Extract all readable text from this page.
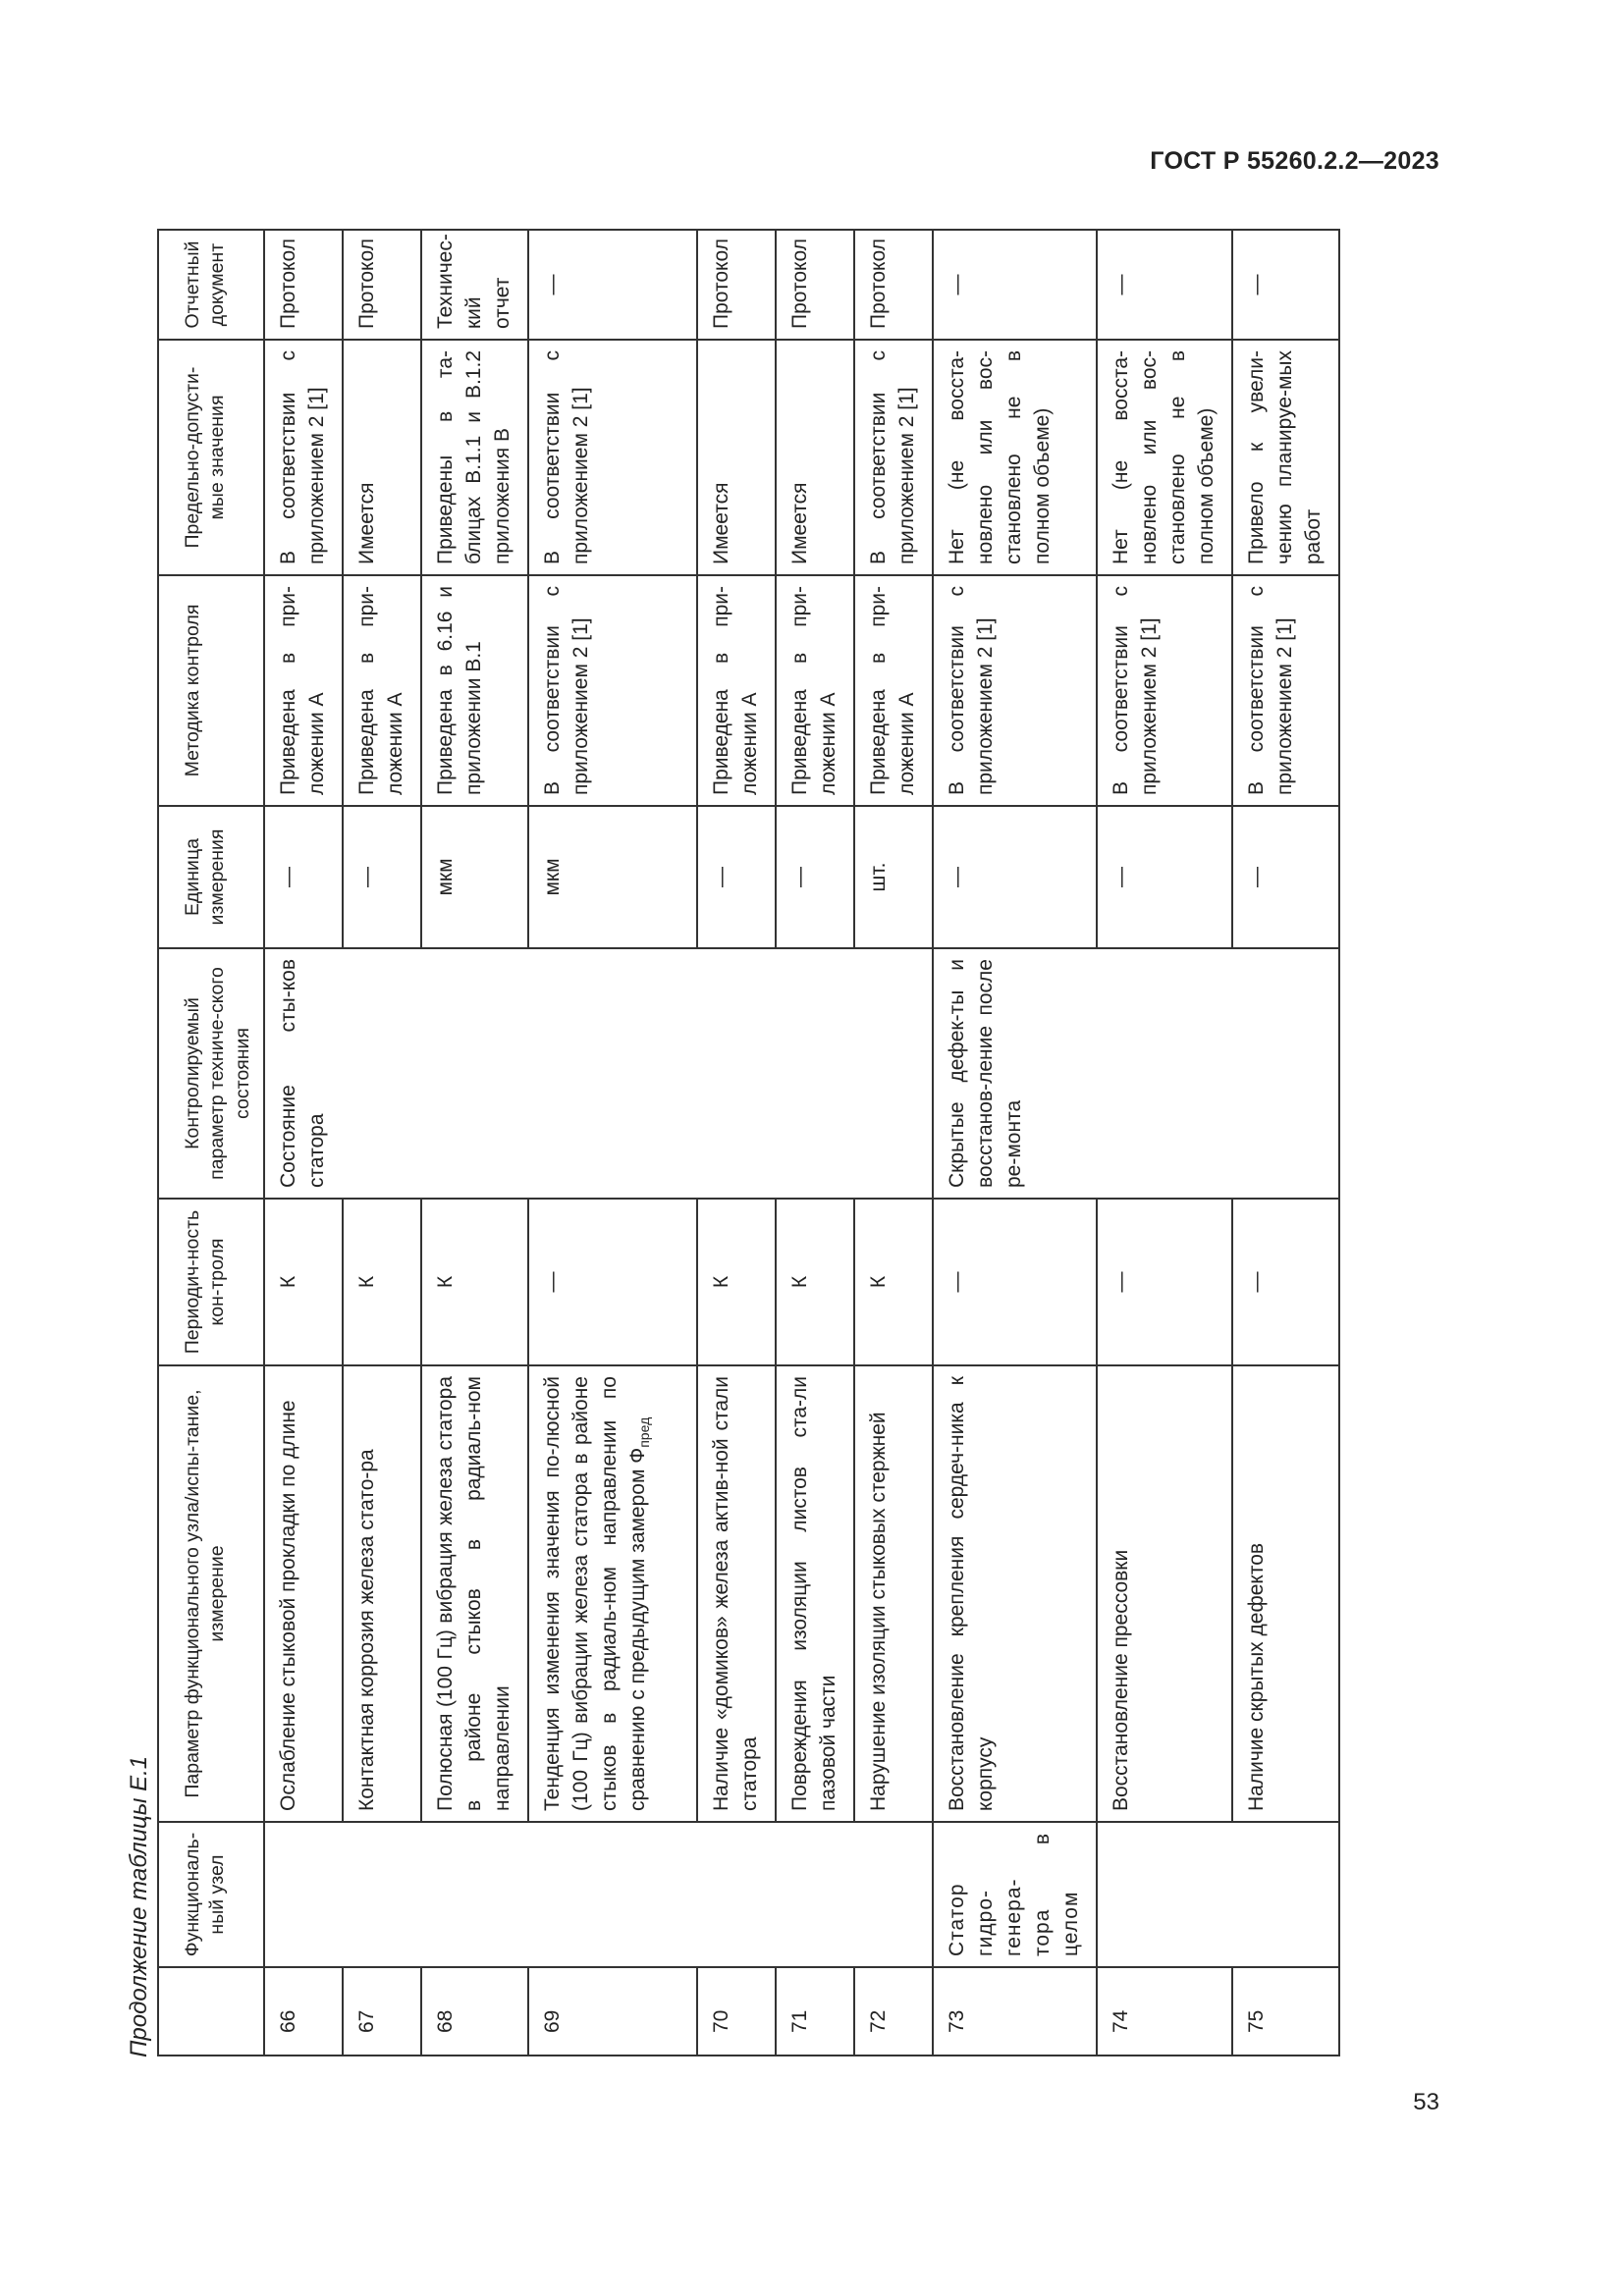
ГОСТ Р 55260.2.2—2023
Продолжение таблицы Е.1
	Функциональ-ный узел	Параметр функционального узла/испы-тание, измерение	Периодич-ность кон-троля	Контролируемый параметр техниче-ского состояния	Единица измерения	Методика контроля	Предельно-допусти-мые значения	Отчетный документ
66		Ослабление стыковой прокладки по длине	К	Состояние сты-ков статора	—	Приведена в при-ложении А	В соответствии с приложением 2 [1]	Протокол
67		Контактная коррозия железа стато-ра	К		—	Приведена в при-ложении А	Имеется	Протокол
68		Полюсная (100 Гц) вибрация железа статора в районе стыков в радиаль-ном направлении	К		мкм	Приведена в 6.16 и приложении В.1	Приведены в та-блицах В.1.1 и В.1.2 приложения В	Техничес-кий отчет
69		Тенденция изменения значения по-люсной (100 Гц) вибрации железа статора в районе стыков в радиаль-ном направлении по сравнению с предыдущим замером $Ф_{пред}$	—		мкм	В соответствии с приложением 2 [1]	В соответствии с приложением 2 [1]	—
70		Наличие «домиков» железа актив-ной стали статора	К		—	Приведена в при-ложении А	Имеется	Протокол
71		Повреждения изоляции листов ста-ли пазовой части	К		—	Приведена в при-ложении А	Имеется	Протокол
72		Нарушение изоляции стыковых стержней	К		шт.	Приведена в при-ложении А	В соответствии с приложением 2 [1]	Протокол
73	Статор гидро-генера-тора в целом	Восстановление крепления сердеч-ника к корпусу	—	Скрытые дефек-ты и восстанов-ление после ре-монта	—	В соответствии с приложением 2 [1]	Нет (не восста-новлено или вос-становлено не в полном объеме)	—
74		Восстановление прессовки	—		—	В соответствии с приложением 2 [1]	Нет (не восста-новлено или вос-становлено не в полном объеме)	—
75		Наличие скрытых дефектов	—		—	В соответствии с приложением 2 [1]	Привело к увели-чению планируе-мых работ	—
53
